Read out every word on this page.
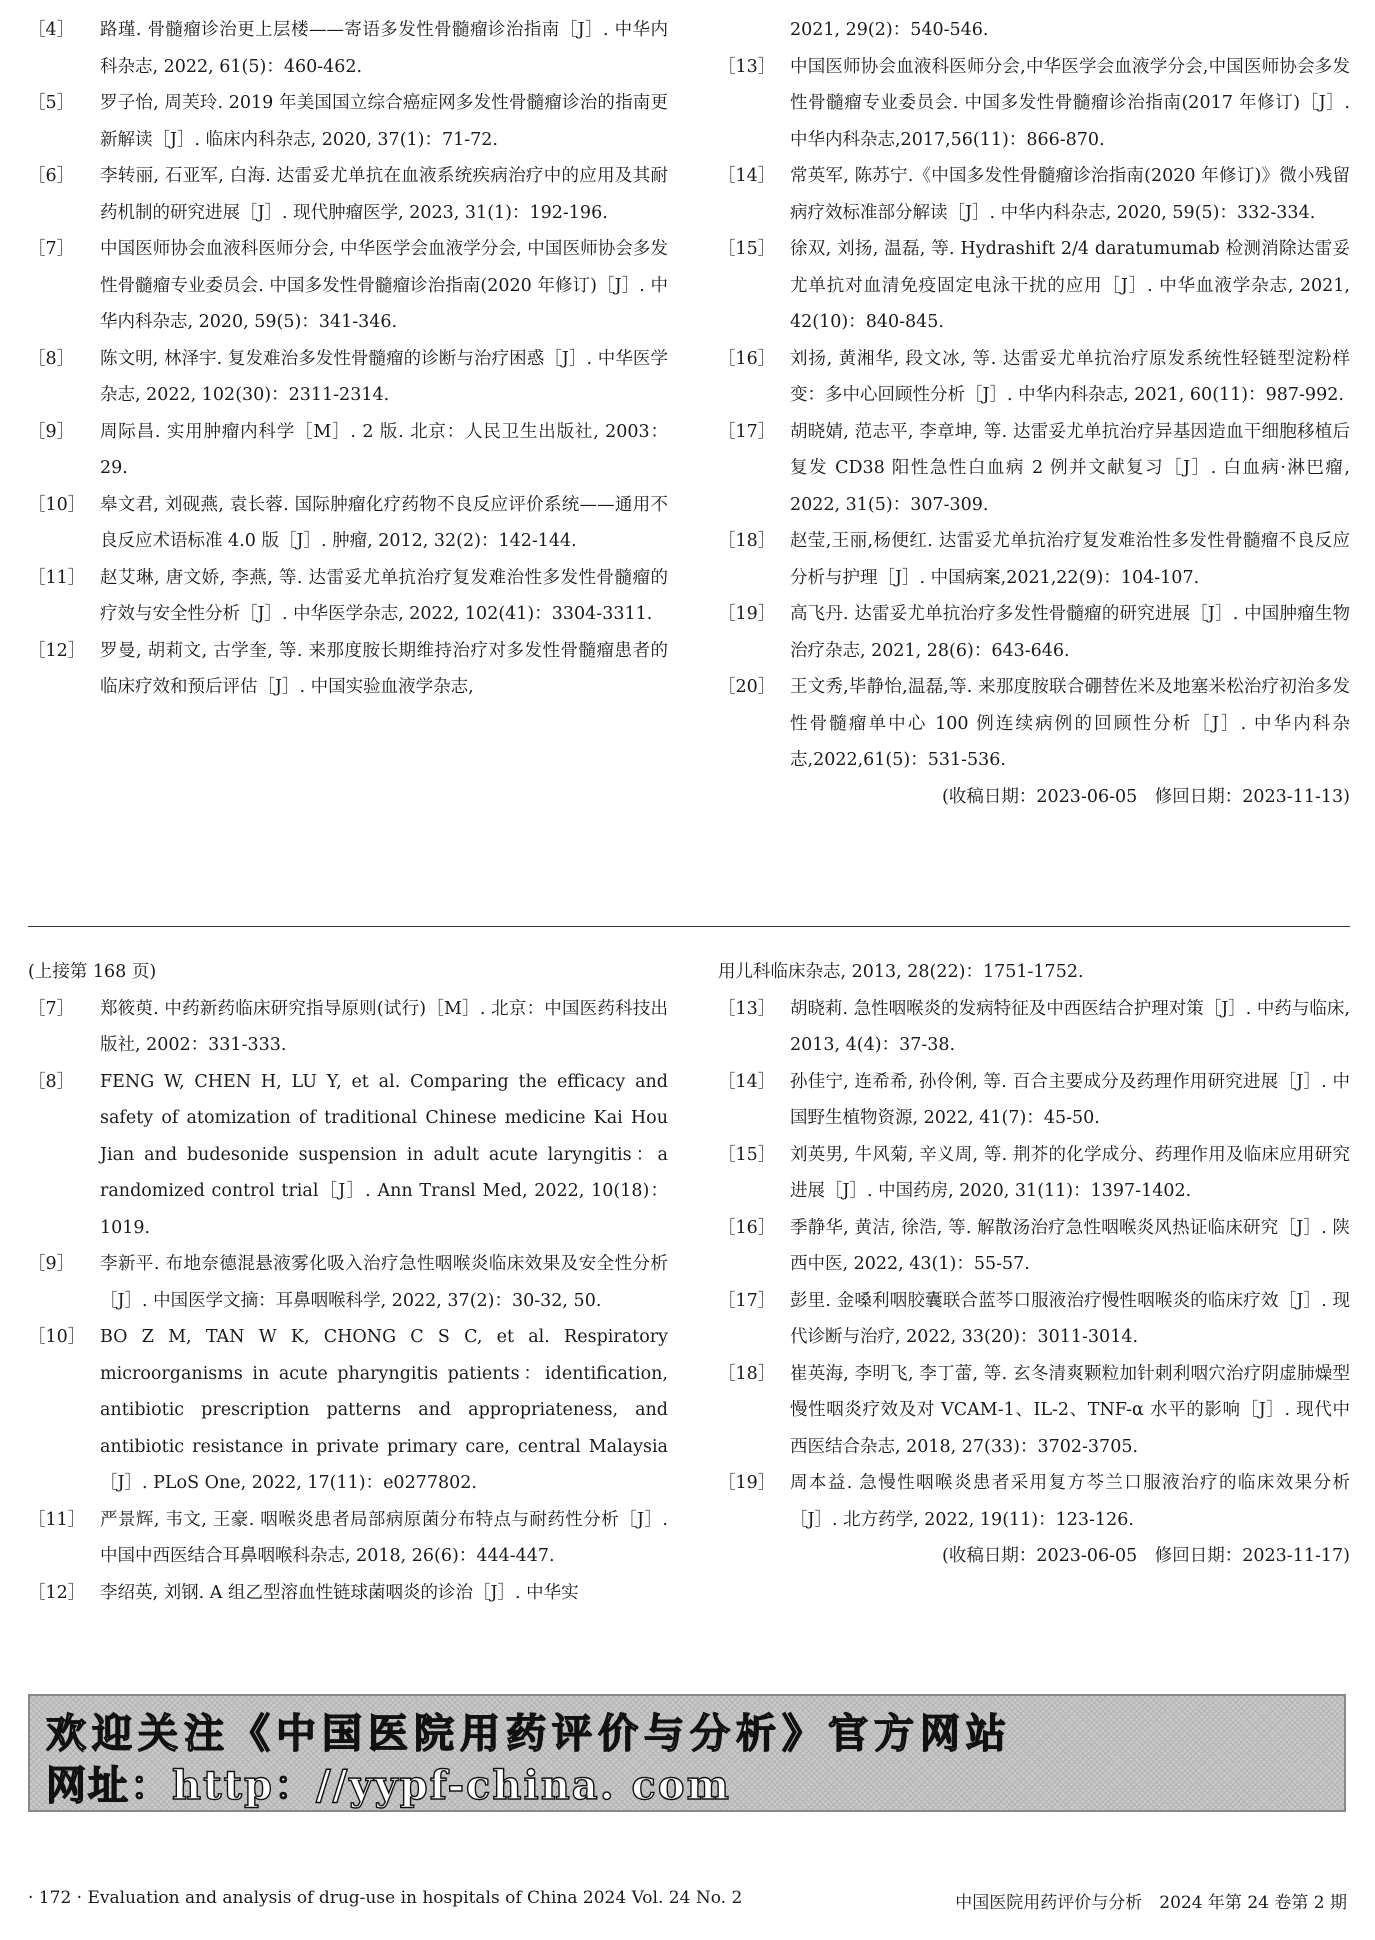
［4］	路瑾. 骨髓瘤诊治更上层楼——寄语多发性骨髓瘤诊治指南［J］. 中华内科杂志, 2022, 61(5)：460-462.
［5］	罗子怡, 周芙玲. 2019 年美国国立综合癌症网多发性骨髓瘤诊治的指南更新解读［J］. 临床内科杂志, 2020, 37(1)：71-72.
［6］	李转丽, 石亚军, 白海. 达雷妥尤单抗在血液系统疾病治疗中的应用及其耐药机制的研究进展［J］. 现代肿瘤医学, 2023, 31(1)：192-196.
［7］	中国医师协会血液科医师分会, 中华医学会血液学分会, 中国医师协会多发性骨髓瘤专业委员会. 中国多发性骨髓瘤诊治指南(2020 年修订)［J］. 中华内科杂志, 2020, 59(5)：341-346.
［8］	陈文明, 林泽宇. 复发难治多发性骨髓瘤的诊断与治疗困惑［J］. 中华医学杂志, 2022, 102(30)：2311-2314.
［9］	周际昌. 实用肿瘤内科学［M］. 2 版. 北京：人民卫生出版社, 2003：29.
［10］ 皋文君, 刘砚燕, 袁长蓉. 国际肿瘤化疗药物不良反应评价系统——通用不良反应术语标准 4.0 版［J］. 肿瘤, 2012, 32(2)：142-144.
［11］ 赵艾琳, 唐文娇, 李燕, 等. 达雷妥尤单抗治疗复发难治性多发性骨髓瘤的疗效与安全性分析［J］. 中华医学杂志, 2022, 102(41)：3304-3311.
［12］ 罗曼, 胡莉文, 古学奎, 等. 来那度胺长期维持治疗对多发性骨髓瘤患者的临床疗效和预后评估［J］. 中国实验血液学杂志,
2021, 29(2)：540-546.
［13］ 中国医师协会血液科医师分会,中华医学会血液学分会,中国医师协会多发性骨髓瘤专业委员会. 中国多发性骨髓瘤诊治指南(2017 年修订)［J］. 中华内科杂志,2017,56(11)：866-870.
［14］ 常英军, 陈苏宁.《中国多发性骨髓瘤诊治指南(2020 年修订)》微小残留病疗效标准部分解读［J］. 中华内科杂志, 2020, 59(5)：332-334.
［15］ 徐双, 刘扬, 温磊, 等. Hydrashift 2/4 daratumumab 检测消除达雷妥尤单抗对血清免疫固定电泳干扰的应用［J］. 中华血液学杂志, 2021, 42(10)：840-845.
［16］ 刘扬, 黄湘华, 段文冰, 等. 达雷妥尤单抗治疗原发系统性轻链型淀粉样变：多中心回顾性分析［J］. 中华内科杂志, 2021, 60(11)：987-992.
［17］ 胡晓婧, 范志平, 李章坤, 等. 达雷妥尤单抗治疗异基因造血干细胞移植后复发 CD38 阳性急性白血病 2 例并文献复习［J］. 白血病·淋巴瘤, 2022, 31(5)：307-309.
［18］ 赵莹,王丽,杨便红. 达雷妥尤单抗治疗复发难治性多发性骨髓瘤不良反应分析与护理［J］. 中国病案,2021,22(9)：104-107.
［19］ 高飞丹. 达雷妥尤单抗治疗多发性骨髓瘤的研究进展［J］. 中国肿瘤生物治疗杂志, 2021, 28(6)：643-646.
［20］ 王文秀,毕静怡,温磊,等. 来那度胺联合硼替佐米及地塞米松治疗初治多发性骨髓瘤单中心 100 例连续病例的回顾性分析［J］. 中华内科杂志,2022,61(5)：531-536.
(收稿日期：2023-06-05　修回日期：2023-11-13)
(上接第 168 页)
［7］	郑筱萸. 中药新药临床研究指导原则(试行)［M］. 北京：中国医药科技出版社, 2002：331-333.
［8］	FENG W, CHEN H, LU Y, et al. Comparing the efficacy and safety of atomization of traditional Chinese medicine Kai Hou Jian and budesonide suspension in adult acute laryngitis：a randomized control trial［J］. Ann Transl Med, 2022, 10(18)：1019.
［9］	李新平. 布地奈德混悬液雾化吸入治疗急性咽喉炎临床效果及安全性分析［J］. 中国医学文摘：耳鼻咽喉科学, 2022, 37(2)：30-32, 50.
［10］ BO Z M, TAN W K, CHONG C S C, et al. Respiratory microorganisms in acute pharyngitis patients：identification, antibiotic prescription patterns and appropriateness, and antibiotic resistance in private primary care, central Malaysia［J］. PLoS One, 2022, 17(11)：e0277802.
［11］ 严景辉, 韦文, 王豪. 咽喉炎患者局部病原菌分布特点与耐药性分析［J］. 中国中西医结合耳鼻咽喉科杂志, 2018, 26(6)：444-447.
［12］ 李绍英, 刘钢. A 组乙型溶血性链球菌咽炎的诊治［J］. 中华实
用儿科临床杂志, 2013, 28(22)：1751-1752.
［13］ 胡晓莉. 急性咽喉炎的发病特征及中西医结合护理对策［J］. 中药与临床, 2013, 4(4)：37-38.
［14］ 孙佳宁, 连希希, 孙伶俐, 等. 百合主要成分及药理作用研究进展［J］. 中国野生植物资源, 2022, 41(7)：45-50.
［15］ 刘英男, 牛风菊, 辛义周, 等. 荆芥的化学成分、药理作用及临床应用研究进展［J］. 中国药房, 2020, 31(11)：1397-1402.
［16］ 季静华, 黄洁, 徐浩, 等. 解散汤治疗急性咽喉炎风热证临床研究［J］. 陕西中医, 2022, 43(1)：55-57.
［17］ 彭里. 金嗓利咽胶囊联合蓝芩口服液治疗慢性咽喉炎的临床疗效［J］. 现代诊断与治疗, 2022, 33(20)：3011-3014.
［18］ 崔英海, 李明飞, 李丁蕾, 等. 玄冬清爽颗粒加针刺利咽穴治疗阴虚肺燥型慢性咽炎疗效及对 VCAM-1、IL-2、TNF-α 水平的影响［J］. 现代中西医结合杂志, 2018, 27(33)：3702-3705.
［19］ 周本益. 急慢性咽喉炎患者采用复方芩兰口服液治疗的临床效果分析［J］. 北方药学, 2022, 19(11)：123-126.
(收稿日期：2023-06-05　修回日期：2023-11-17)
欢迎关注《中国医院用药评价与分析》官方网站
网址：http：//yypf-china. com
· 172 · Evaluation and analysis of drug-use in hospitals of China 2024 Vol. 24 No. 2	中国医院用药评价与分析　2024 年第 24 卷第 2 期
